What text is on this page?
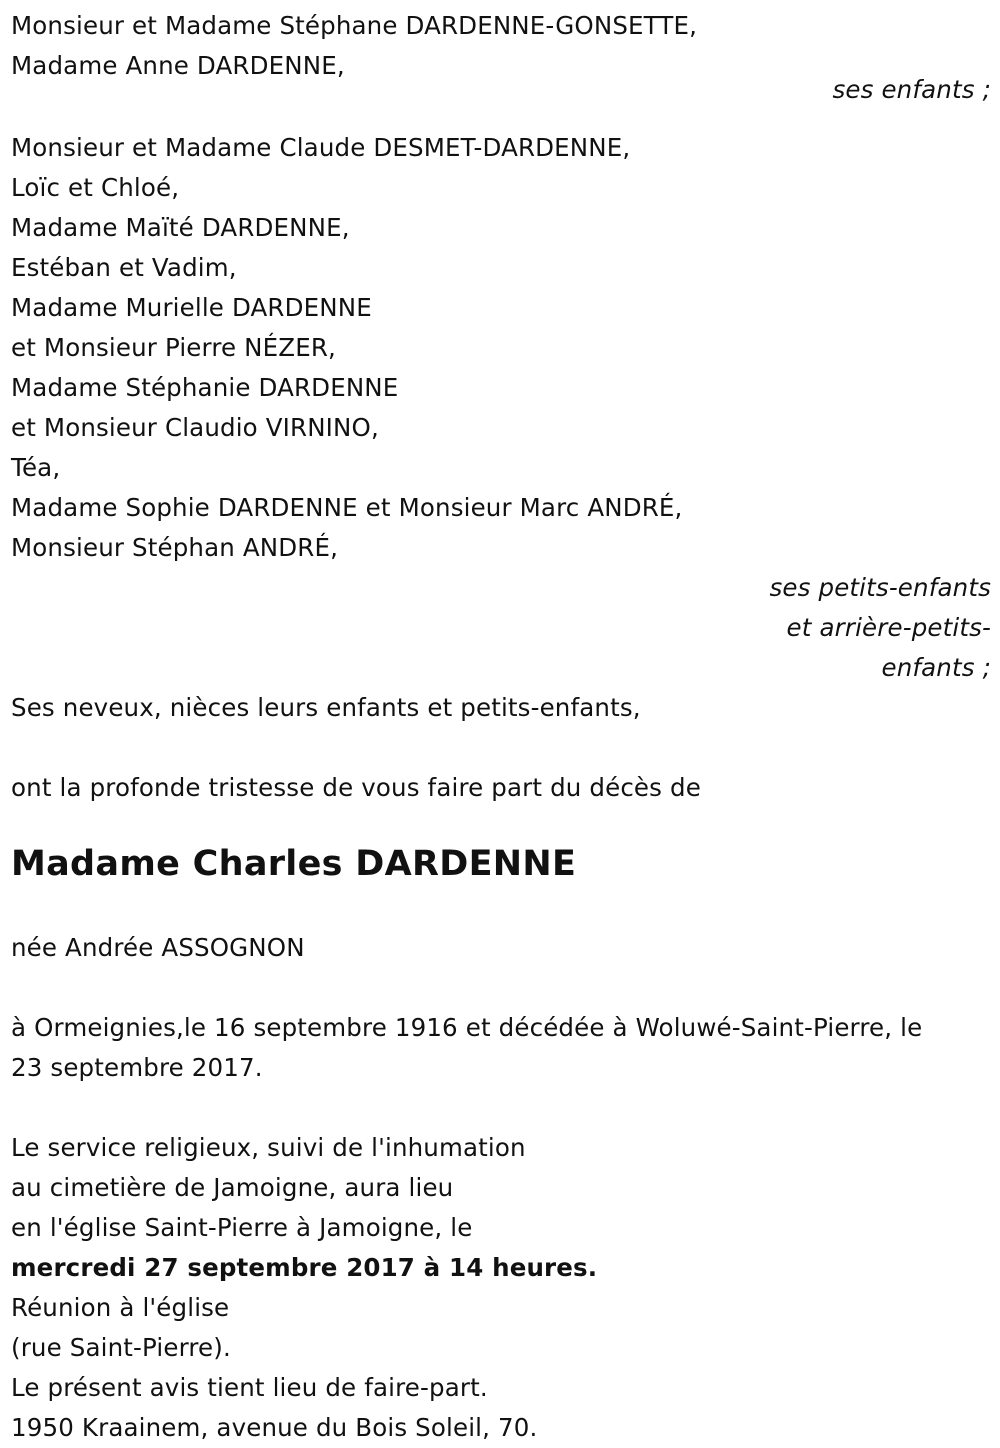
Monsieur et Madame Stéphane DARDENNE-GONSETTE,
Madame Anne DARDENNE,
ses enfants ;
Monsieur et Madame Claude DESMET-DARDENNE,
Loïc et Chloé,
Madame Maïté DARDENNE,
Estéban et Vadim,
Madame Murielle DARDENNE
et Monsieur Pierre NÉZER,
Madame Stéphanie DARDENNE
et Monsieur Claudio VIRNINO,
Téa,
Madame Sophie DARDENNE et Monsieur Marc ANDRÉ,
Monsieur Stéphan ANDRÉ,
ses petits-enfants
et arrière-petits-
enfants ;
Ses neveux, nièces leurs enfants et petits-enfants,
ont la profonde tristesse de vous faire part du décès de
Madame Charles DARDENNE
née Andrée ASSOGNON
à Ormeignies,le 16 septembre 1916 et décédée à Woluwé-Saint-Pierre, le
23 septembre 2017.
Le service religieux, suivi de l'inhumation
au cimetière de Jamoigne, aura lieu
en l'église Saint-Pierre à Jamoigne, le
mercredi 27 septembre 2017 à 14 heures.
Réunion à l'église
(rue Saint-Pierre).
Le présent avis tient lieu de faire-part.
1950 Kraainem, avenue du Bois Soleil, 70.
